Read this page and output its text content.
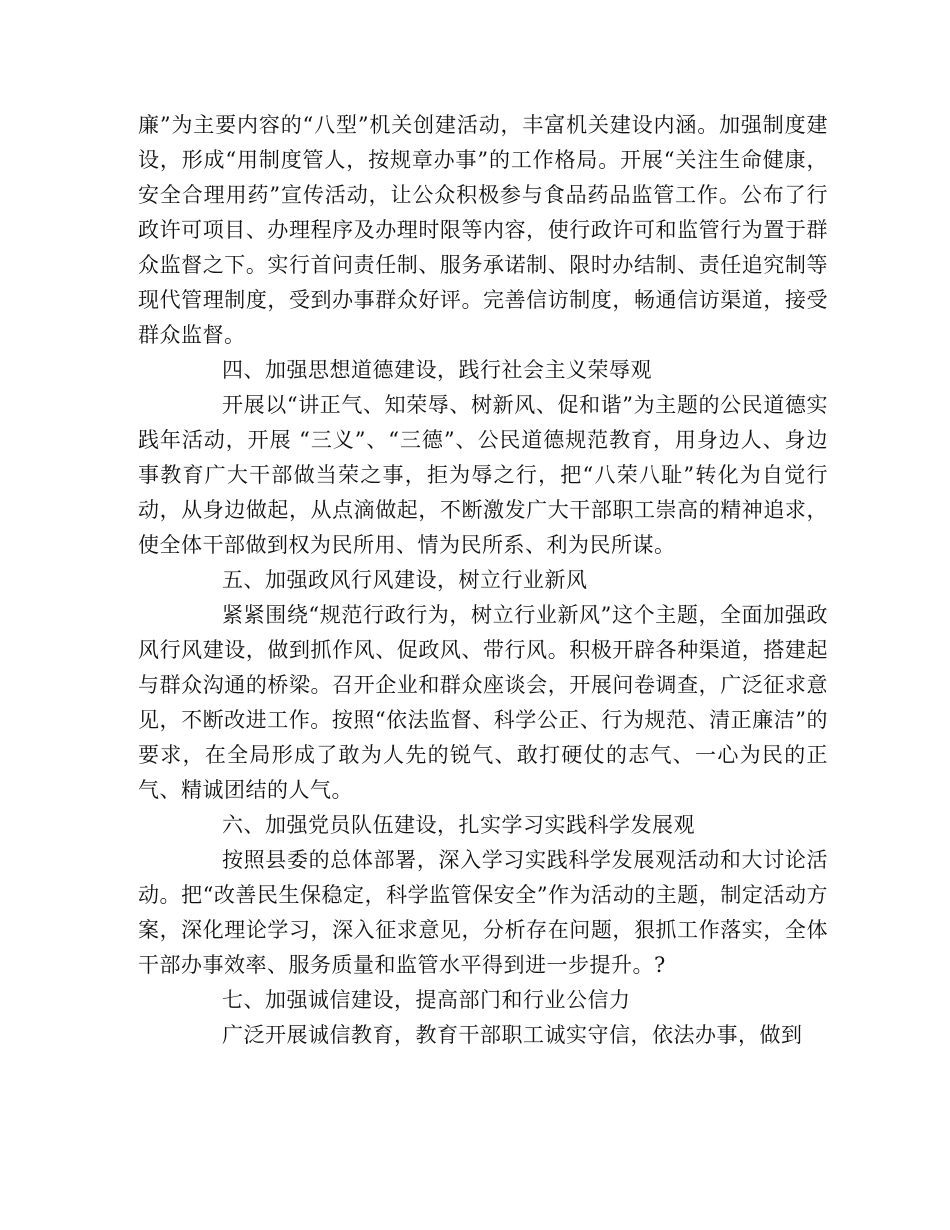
廉”为主要内容的“八型”机关创建活动，丰富机关建设内涵。加强制度建设，形成“用制度管人，按规章办事”的工作格局。开展“关注生命健康，安全合理用药”宣传活动，让公众积极参与食品药品监管工作。公布了行政许可项目、办理程序及办理时限等内容，使行政许可和监管行为置于群众监督之下。实行首问责任制、服务承诺制、限时办结制、责任追究制等现代管理制度，受到办事群众好评。完善信访制度，畅通信访渠道，接受群众监督。

四、加强思想道德建设，践行社会主义荣辱观

开展以“讲正气、知荣辱、树新风、促和谐”为主题的公民道德实践年活动，开展 “三义”、“三德”、公民道德规范教育，用身边人、身边事教育广大干部做当荣之事，拒为辱之行，把“八荣八耻”转化为自觉行动，从身边做起，从点滴做起，不断激发广大干部职工崇高的精神追求，使全体干部做到权为民所用、情为民所系、利为民所谋。

五、加强政风行风建设，树立行业新风

紧紧围绕“规范行政行为，树立行业新风”这个主题，全面加强政风行风建设，做到抓作风、促政风、带行风。积极开辟各种渠道，搭建起与群众沟通的桥梁。召开企业和群众座谈会，开展问卷调查，广泛征求意见，不断改进工作。按照“依法监督、科学公正、行为规范、清正廉洁”的要求，在全局形成了敢为人先的锐气、敢打硬仗的志气、一心为民的正气、精诚团结的人气。

六、加强党员队伍建设，扎实学习实践科学发展观

按照县委的总体部署，深入学习实践科学发展观活动和大讨论活动。把“改善民生保稳定，科学监管保安全”作为活动的主题，制定活动方案，深化理论学习，深入征求意见，分析存在问题，狠抓工作落实，全体干部办事效率、服务质量和监管水平得到进一步提升。?

七、加强诚信建设，提高部门和行业公信力

广泛开展诚信教育，教育干部职工诚实守信，依法办事，做到
